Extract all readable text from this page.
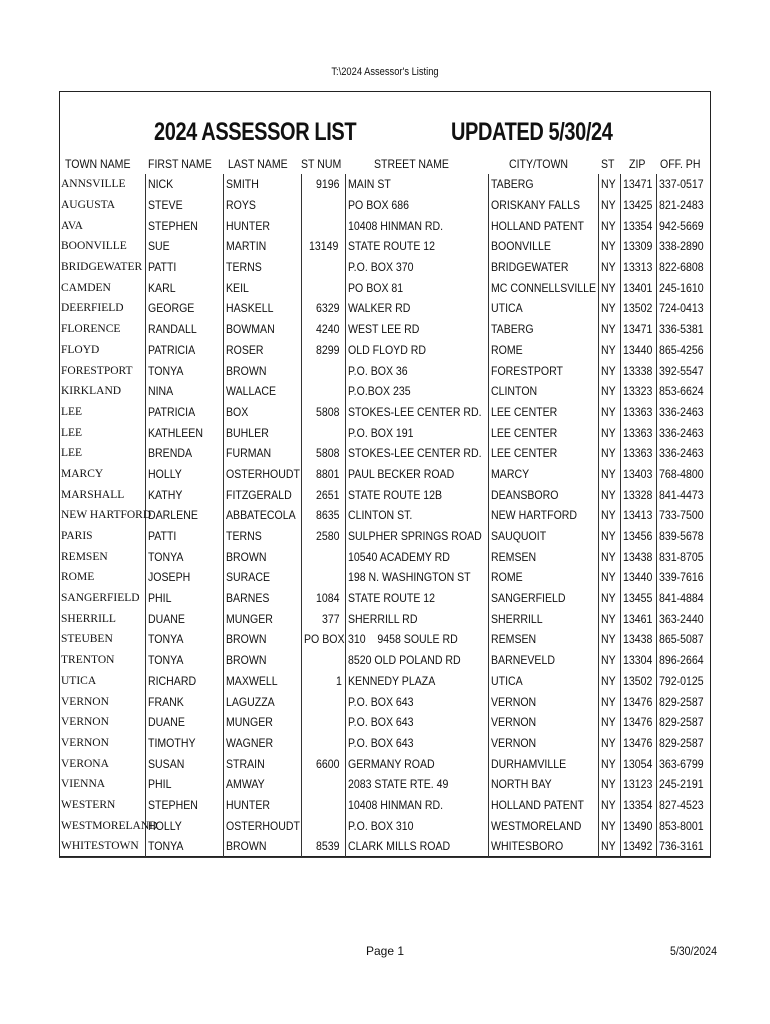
T:\2024 Assessor's Listing
2024 ASSESSOR LIST	UPDATED 5/30/24
TOWN NAME	FIRST NAME	LAST NAME	ST NUM	STREET NAME	CITY/TOWN	ST	ZIP	OFF. PH
ANNSVILLE	NICK	SMITH	9196	MAIN ST	TABERG	NY	13471	337-0517
AUGUSTA	STEVE	ROYS		PO BOX 686	ORISKANY FALLS	NY	13425	821-2483
AVA	STEPHEN	HUNTER		10408 HINMAN RD.	HOLLAND PATENT	NY	13354	942-5669
BOONVILLE	SUE	MARTIN	13149	STATE ROUTE 12	BOONVILLE	NY	13309	338-2890
BRIDGEWATER	PATTI	TERNS		P.O. BOX 370	BRIDGEWATER	NY	13313	822-6808
CAMDEN	KARL	KEIL		PO BOX 81	MC CONNELLSVILLE	NY	13401	245-1610
DEERFIELD	GEORGE	HASKELL	6329	WALKER RD	UTICA	NY	13502	724-0413
FLORENCE	RANDALL	BOWMAN	4240	WEST LEE RD	TABERG	NY	13471	336-5381
FLOYD	PATRICIA	ROSER	8299	OLD FLOYD RD	ROME	NY	13440	865-4256
FORESTPORT	TONYA	BROWN		P.O. BOX 36	FORESTPORT	NY	13338	392-5547
KIRKLAND	NINA	WALLACE		P.O.BOX 235	CLINTON	NY	13323	853-6624
LEE	PATRICIA	BOX	5808	STOKES-LEE CENTER RD.	LEE CENTER	NY	13363	336-2463
LEE	KATHLEEN	BUHLER		P.O. BOX 191	LEE CENTER	NY	13363	336-2463
LEE	BRENDA	FURMAN	5808	STOKES-LEE CENTER RD.	LEE CENTER	NY	13363	336-2463
MARCY	HOLLY	OSTERHOUDT	8801	PAUL BECKER ROAD	MARCY	NY	13403	768-4800
MARSHALL	KATHY	FITZGERALD	2651	STATE ROUTE 12B	DEANSBORO	NY	13328	841-4473
NEW HARTFORD	DARLENE	ABBATECOLA	8635	CLINTON ST.	NEW HARTFORD	NY	13413	733-7500
PARIS	PATTI	TERNS	2580	SULPHER SPRINGS ROAD	SAUQUOIT	NY	13456	839-5678
REMSEN	TONYA	BROWN		10540 ACADEMY RD	REMSEN	NY	13438	831-8705
ROME	JOSEPH	SURACE		198 N. WASHINGTON ST	ROME	NY	13440	339-7616
SANGERFIELD	PHIL	BARNES	1084	STATE ROUTE 12	SANGERFIELD	NY	13455	841-4884
SHERRILL	DUANE	MUNGER	377	SHERRILL RD	SHERRILL	NY	13461	363-2440
STEUBEN	TONYA	BROWN	PO BOX	310    9458 SOULE RD	REMSEN	NY	13438	865-5087
TRENTON	TONYA	BROWN		8520 OLD POLAND RD	BARNEVELD	NY	13304	896-2664
UTICA	RICHARD	MAXWELL	1	KENNEDY PLAZA	UTICA	NY	13502	792-0125
VERNON	FRANK	LAGUZZA		P.O. BOX 643	VERNON	NY	13476	829-2587
VERNON	DUANE	MUNGER		P.O. BOX 643	VERNON	NY	13476	829-2587
VERNON	TIMOTHY	WAGNER		P.O. BOX 643	VERNON	NY	13476	829-2587
VERONA	SUSAN	STRAIN	6600	GERMANY ROAD	DURHAMVILLE	NY	13054	363-6799
VIENNA	PHIL	AMWAY		2083 STATE RTE. 49	NORTH BAY	NY	13123	245-2191
WESTERN	STEPHEN	HUNTER		10408 HINMAN RD.	HOLLAND PATENT	NY	13354	827-4523
WESTMORELAND	HOLLY	OSTERHOUDT		P.O. BOX 310	WESTMORELAND	NY	13490	853-8001
WHITESTOWN	TONYA	BROWN	8539	CLARK MILLS ROAD	WHITESBORO	NY	13492	736-3161
Page 1	5/30/2024
